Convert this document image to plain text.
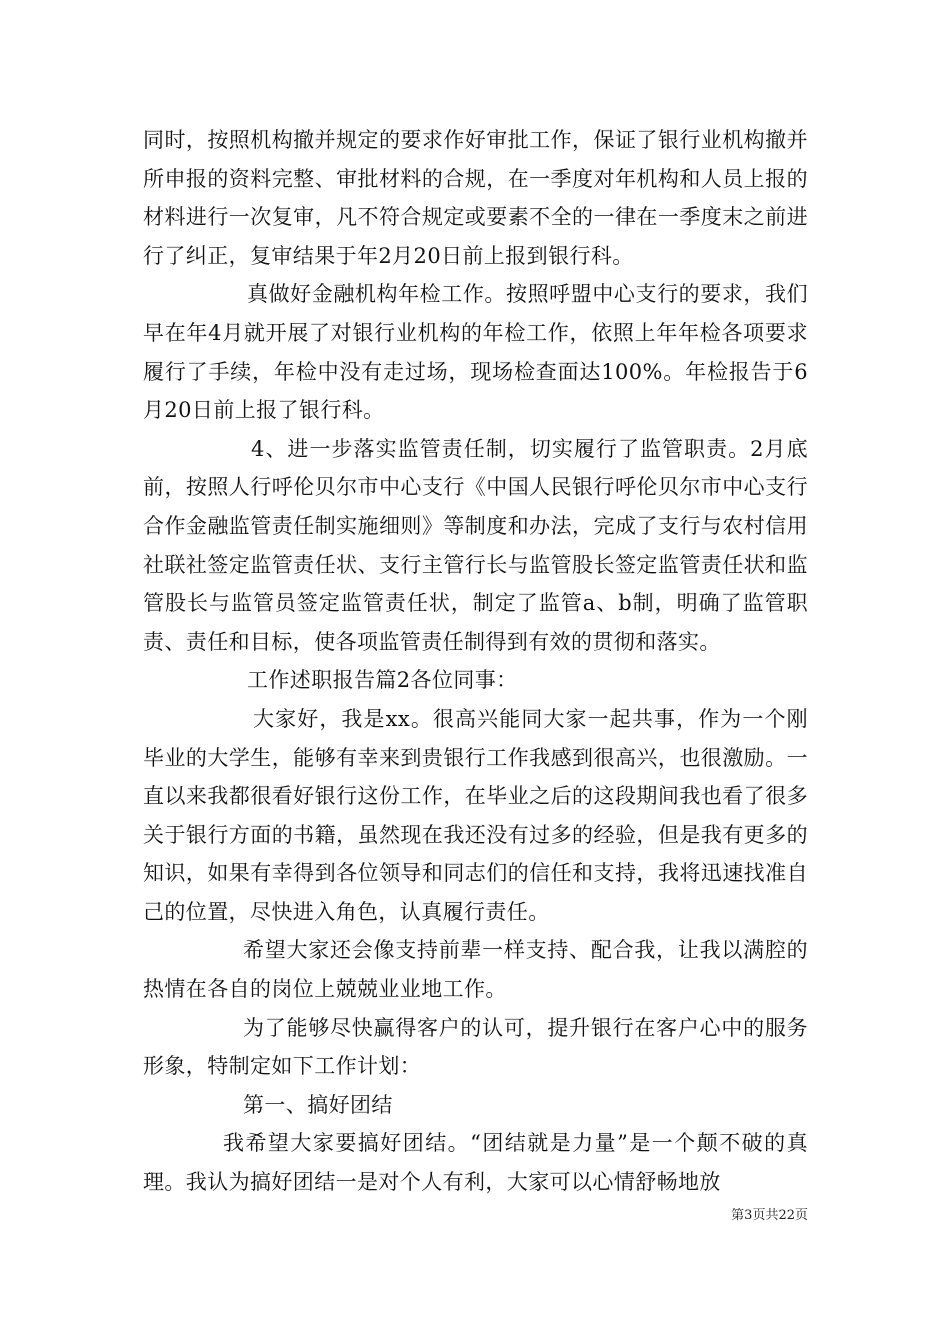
同时，按照机构撤并规定的要求作好审批工作，保证了银行业机构撤并所申报的资料完整、审批材料的合规，在一季度对年机构和人员上报的材料进行一次复审，凡不符合规定或要素不全的一律在一季度末之前进行了纠正，复审结果于年2月20日前上报到银行科。

真做好金融机构年检工作。按照呼盟中心支行的要求，我们早在年4月就开展了对银行业机构的年检工作，依照上年年检各项要求履行了手续，年检中没有走过场，现场检查面达100%。年检报告于6月20日前上报了银行科。

4、进一步落实监管责任制，切实履行了监管职责。2月底前，按照人行呼伦贝尔市中心支行《中国人民银行呼伦贝尔市中心支行合作金融监管责任制实施细则》等制度和办法，完成了支行与农村信用社联社签定监管责任状、支行主管行长与监管股长签定监管责任状和监管股长与监管员签定监管责任状，制定了监管a、b制，明确了监管职责、责任和目标，使各项监管责任制得到有效的贯彻和落实。

工作述职报告篇2各位同事：

大家好，我是xx。很高兴能同大家一起共事，作为一个刚毕业的大学生，能够有幸来到贵银行工作我感到很高兴，也很激励。一直以来我都很看好银行这份工作，在毕业之后的这段期间我也看了很多关于银行方面的书籍，虽然现在我还没有过多的经验，但是我有更多的知识，如果有幸得到各位领导和同志们的信任和支持，我将迅速找准自己的位置，尽快进入角色，认真履行责任。

希望大家还会像支持前辈一样支持、配合我，让我以满腔的热情在各自的岗位上兢兢业业地工作。

为了能够尽快赢得客户的认可，提升银行在客户心中的服务形象，特制定如下工作计划：

第一、搞好团结

我希望大家要搞好团结。“团结就是力量”是一个颠不破的真理。我认为搞好团结一是对个人有利，大家可以心情舒畅地放

第3页共22页
